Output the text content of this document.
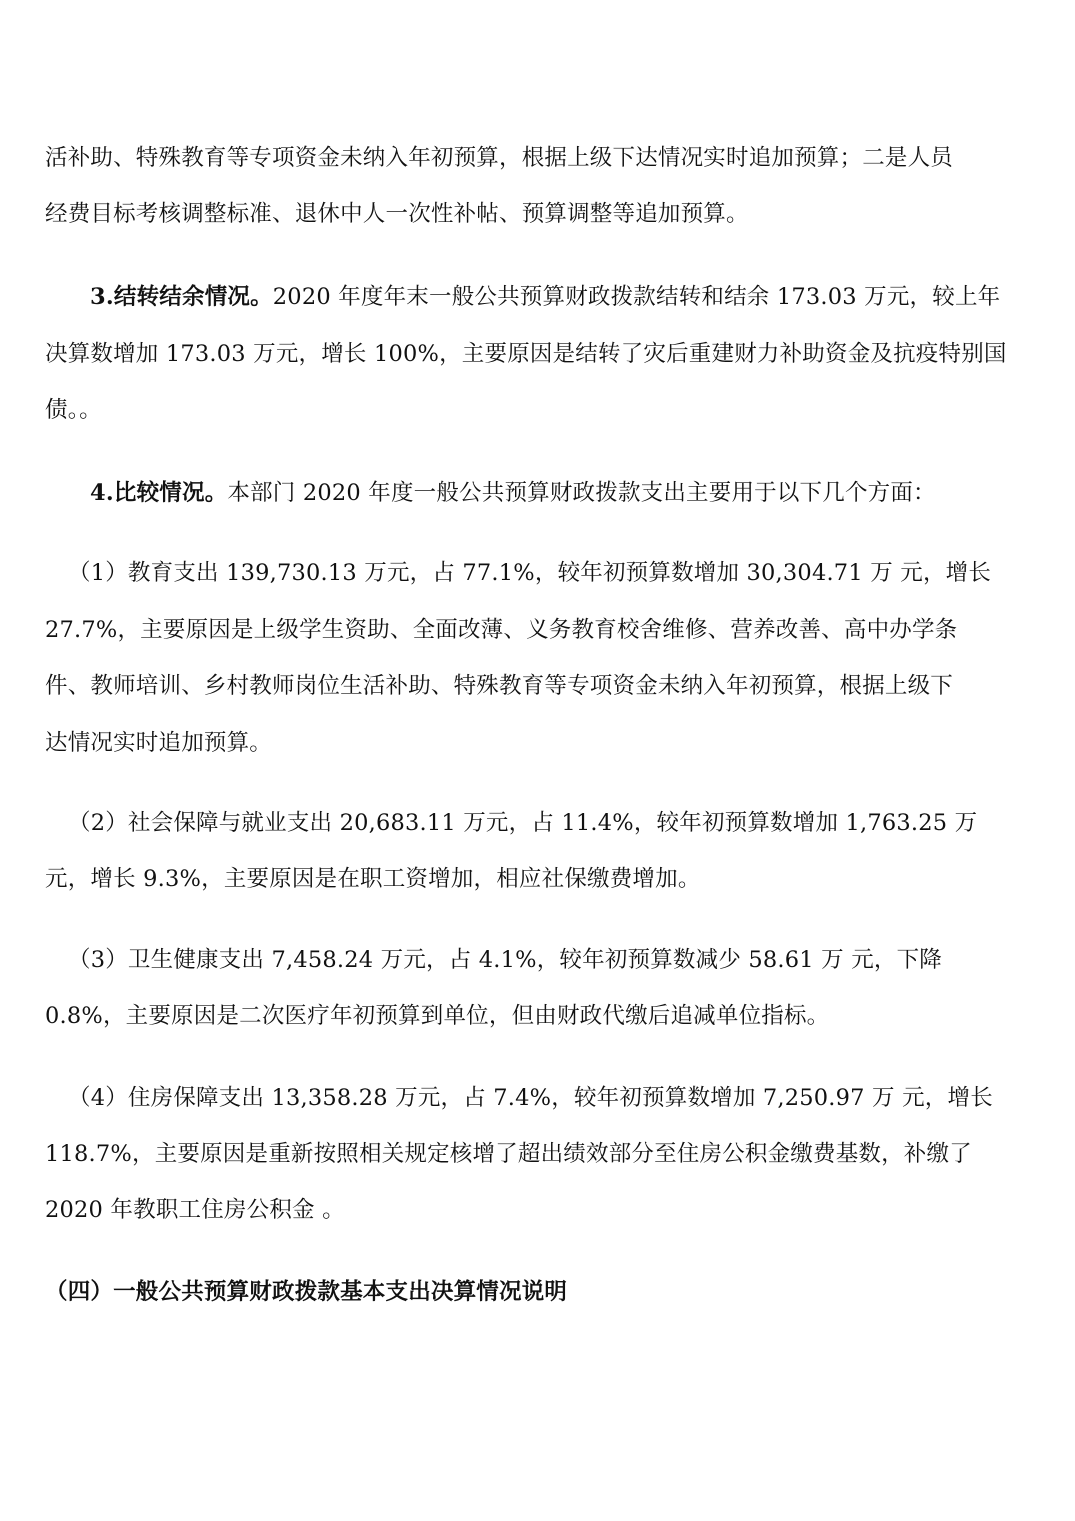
活补助、特殊教育等专项资金未纳入年初预算，根据上级下达情况实时追加预算；二是人员
经费目标考核调整标准、退休中人一次性补帖、预算调整等追加预算。
3.结转结余情况。2020 年度年末一般公共预算财政拨款结转和结余 173.03 万元，较上年
决算数增加 173.03 万元，增长 100%，主要原因是结转了灾后重建财力补助资金及抗疫特别国
债。。
4.比较情况。本部门 2020 年度一般公共预算财政拨款支出主要用于以下几个方面：
（1）教育支出 139,730.13 万元，占 77.1%，较年初预算数增加 30,304.71 万 元，增长
27.7%，主要原因是上级学生资助、全面改薄、义务教育校舍维修、营养改善、高中办学条
件、教师培训、乡村教师岗位生活补助、特殊教育等专项资金未纳入年初预算，根据上级下
达情况实时追加预算。
（2）社会保障与就业支出 20,683.11 万元，占 11.4%，较年初预算数增加 1,763.25 万
元，增长 9.3%，主要原因是在职工资增加，相应社保缴费增加。
（3）卫生健康支出 7,458.24 万元，占 4.1%，较年初预算数减少 58.61 万 元，下降
0.8%，主要原因是二次医疗年初预算到单位，但由财政代缴后追减单位指标。
（4）住房保障支出 13,358.28 万元，占 7.4%，较年初预算数增加 7,250.97 万 元，增长
118.7%，主要原因是重新按照相关规定核增了超出绩效部分至住房公积金缴费基数，补缴了
2020 年教职工住房公积金 。
（四）一般公共预算财政拨款基本支出决算情况说明
